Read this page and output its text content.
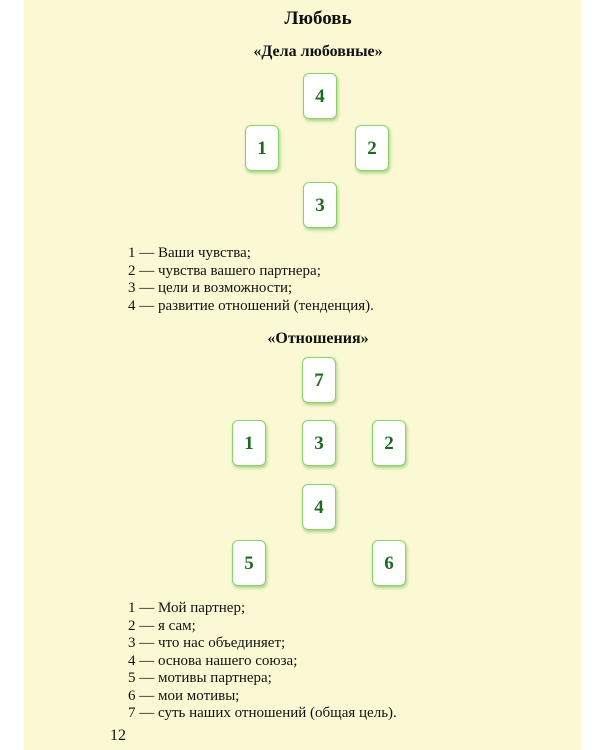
Любовь
«Дела любовные»
4
1	2
3
1 — Ваши чувства;
2 — чувства вашего партнера;
3 — цели и возможности;
4 — развитие отношений (тенденция).
«Отношения»
7
1	3	2
4
5	6
1 — Мой партнер;
2 — я сам;
3 — что нас объединяет;
4 — основа нашего союза;
5 — мотивы партнера;
6 — мои мотивы;
7 — суть наших отношений (общая цель).
12
